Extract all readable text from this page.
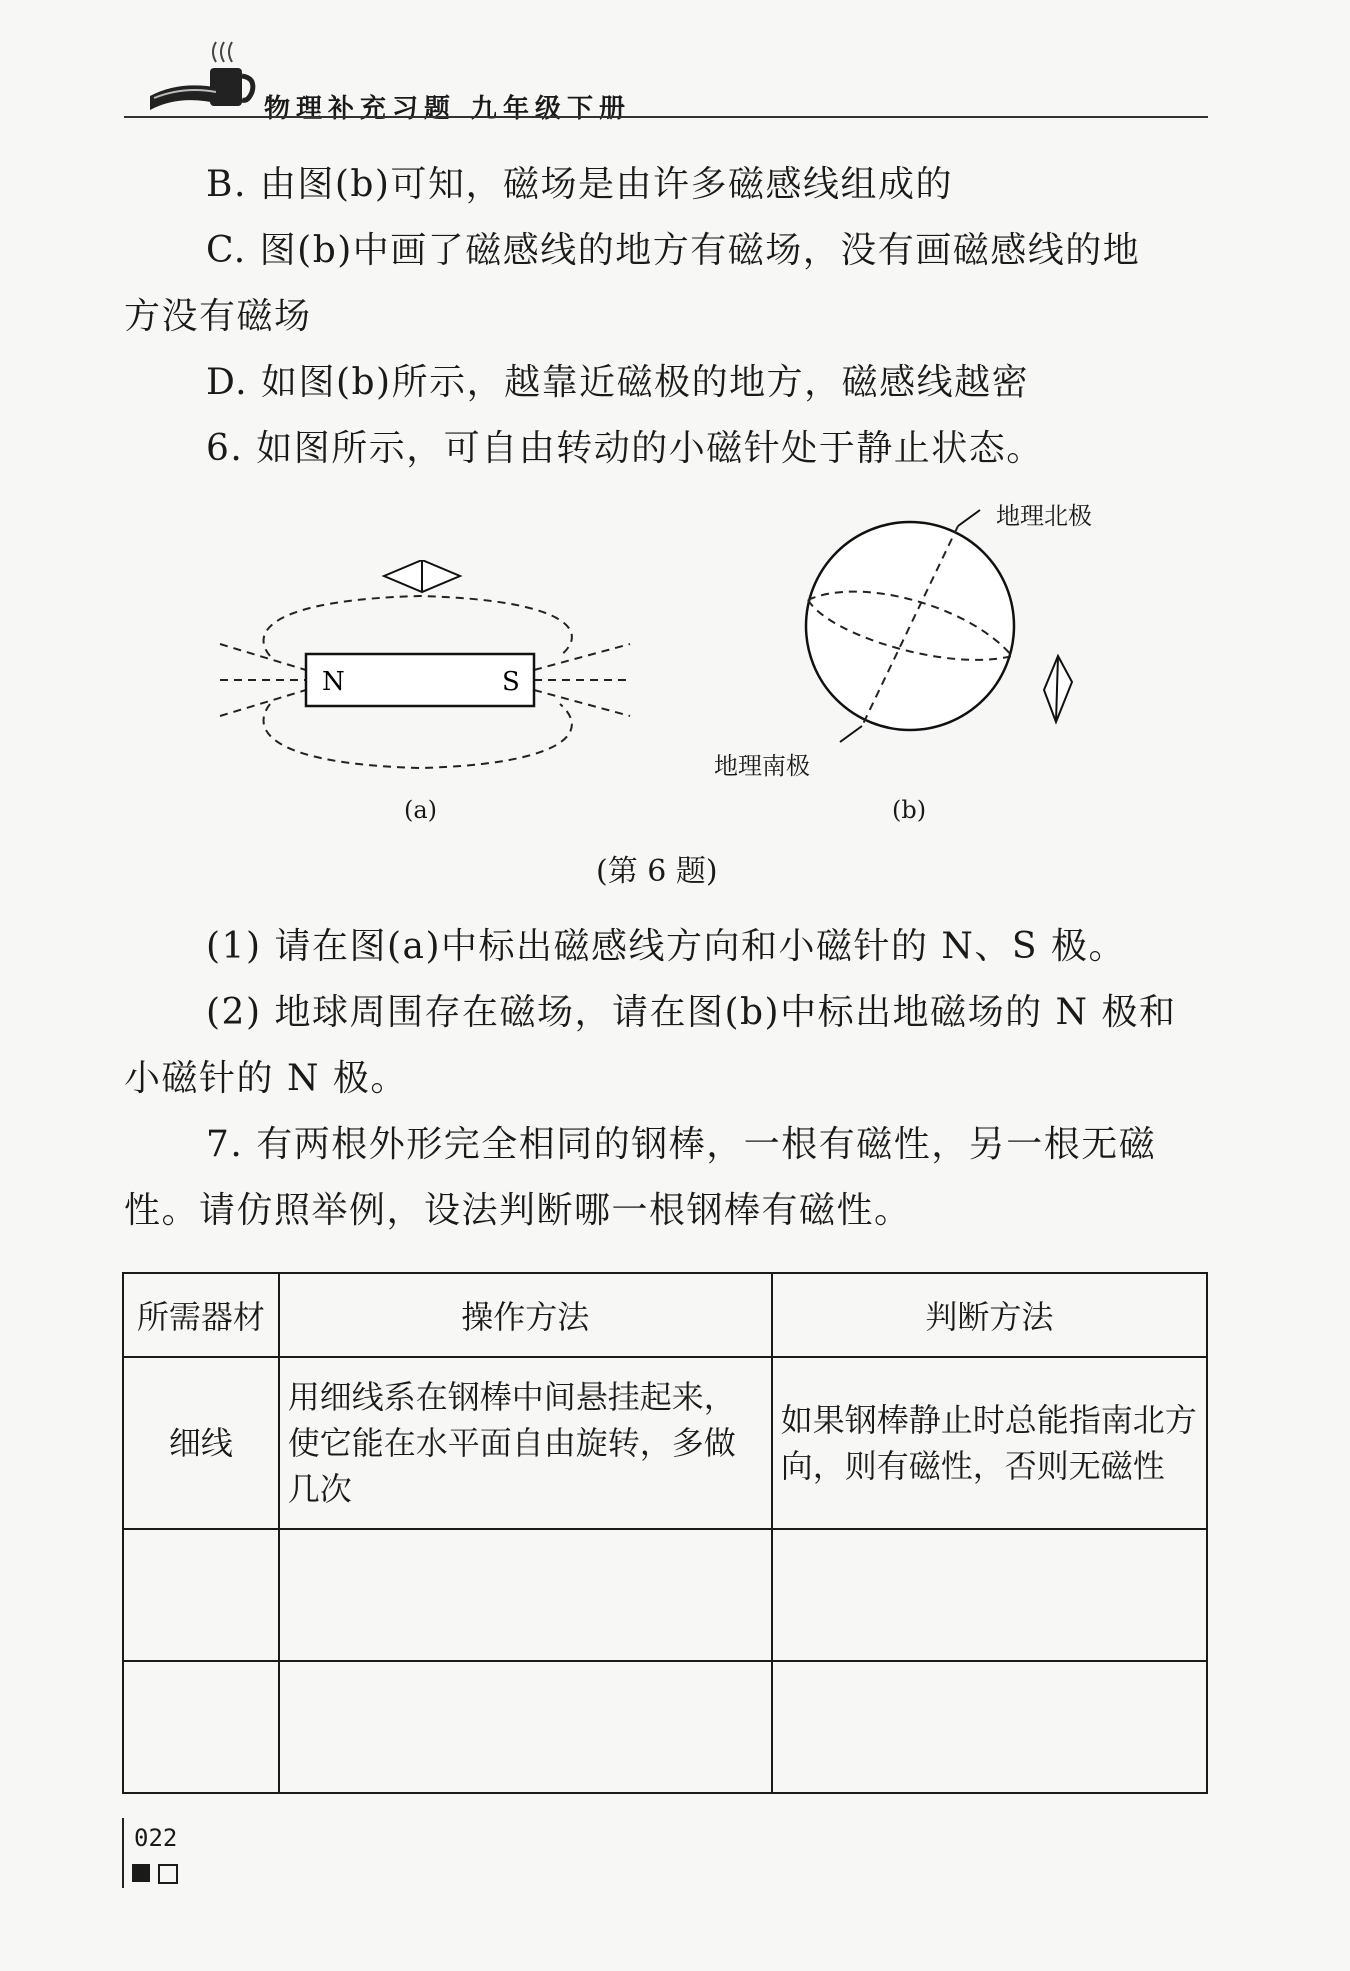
物理补充习题 九年级下册
B. 由图(b)可知，磁场是由许多磁感线组成的
C. 图(b)中画了磁感线的地方有磁场，没有画磁感线的地
方没有磁场
D. 如图(b)所示，越靠近磁极的地方，磁感线越密
6. 如图所示，可自由转动的小磁针处于静止状态。
N	S
(a)
地理北极
地理南极
(b)
(第 6 题)
(1) 请在图(a)中标出磁感线方向和小磁针的 N、S 极。
(2) 地球周围存在磁场，请在图(b)中标出地磁场的 N 极和
小磁针的 N 极。
7. 有两根外形完全相同的钢棒，一根有磁性，另一根无磁
性。请仿照举例，设法判断哪一根钢棒有磁性。
所需器材	操作方法	判断方法
细线	用细线系在钢棒中间悬挂起来，使它能在水平面自由旋转，多做几次	如果钢棒静止时总能指南北方向，则有磁性，否则无磁性

022
